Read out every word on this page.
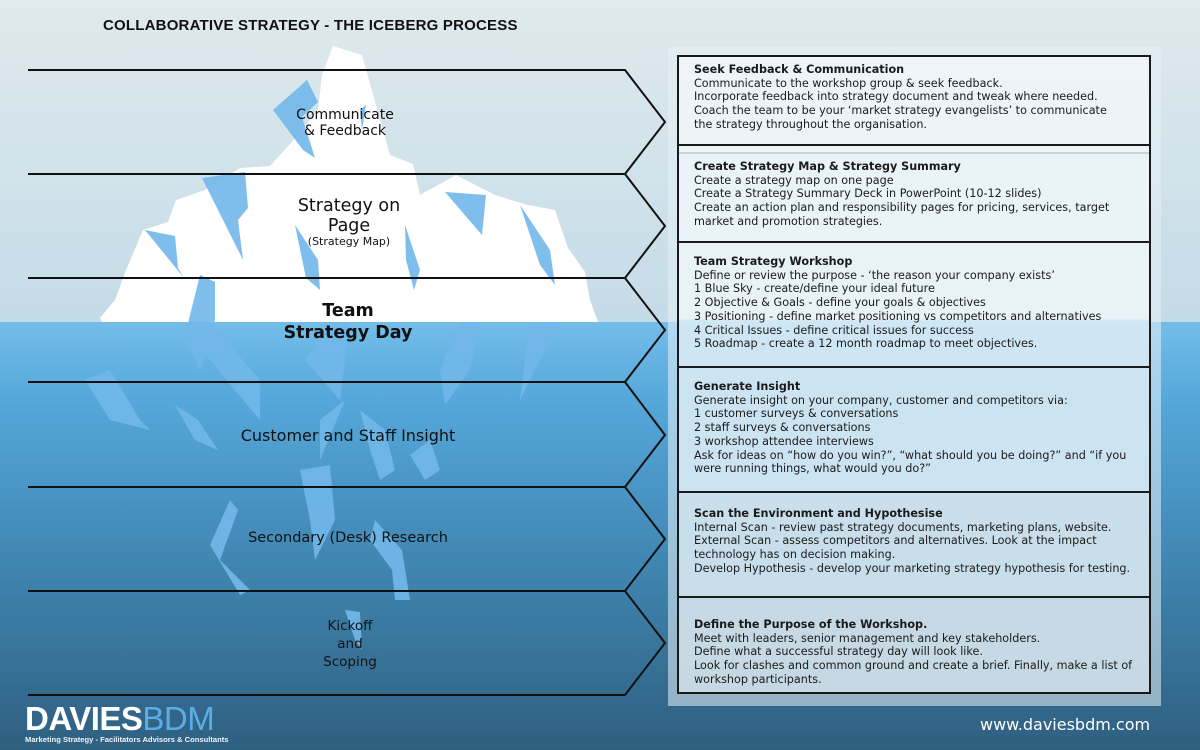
COLLABORATIVE STRATEGY - THE ICEBERG PROCESS
Communicate
& Feedback
Strategy on
Page
(Strategy Map)
Team
Strategy Day
Customer and Staff Insight
Secondary (Desk) Research
Kickoff
and
Scoping
Seek Feedback & Communication
Communicate to the workshop group & seek feedback.
Incorporate feedback into strategy document and tweak where needed.
Coach the team to be your ‘market strategy evangelists’ to communicate
the strategy throughout the organisation.
Create Strategy Map & Strategy Summary
Create a strategy map on one page
Create a Strategy Summary Deck in PowerPoint (10-12 slides)
Create an action plan and responsibility pages for pricing, services, target
market and promotion strategies.
Team Strategy Workshop
Define or review the purpose - ‘the reason your company exists’
1 Blue Sky - create/define your ideal future
2 Objective & Goals - define your goals & objectives
3 Positioning - define market positioning vs competitors and alternatives
4 Critical Issues - define critical issues for success
5 Roadmap - create a 12 month roadmap to meet objectives.
Generate Insight
Generate insight on your company, customer and competitors via:
1 customer surveys & conversations
2 staff surveys & conversations
3 workshop attendee interviews
Ask for ideas on “how do you win?”, “what should you be doing?” and “if you
were running things, what would you do?”
Scan the Environment and Hypothesise
Internal Scan - review past strategy documents, marketing plans, website.
External Scan - assess competitors and alternatives. Look at the impact
technology has on decision making.
Develop Hypothesis - develop your marketing strategy hypothesis for testing.
Define the Purpose of the Workshop.
Meet with leaders, senior management and key stakeholders.
Define what a successful strategy day will look like.
Look for clashes and common ground and create a brief. Finally, make a list of
workshop participants.
DAVIESBDM
Marketing Strategy - Facilitators Advisors & Consultants
www.daviesbdm.com
